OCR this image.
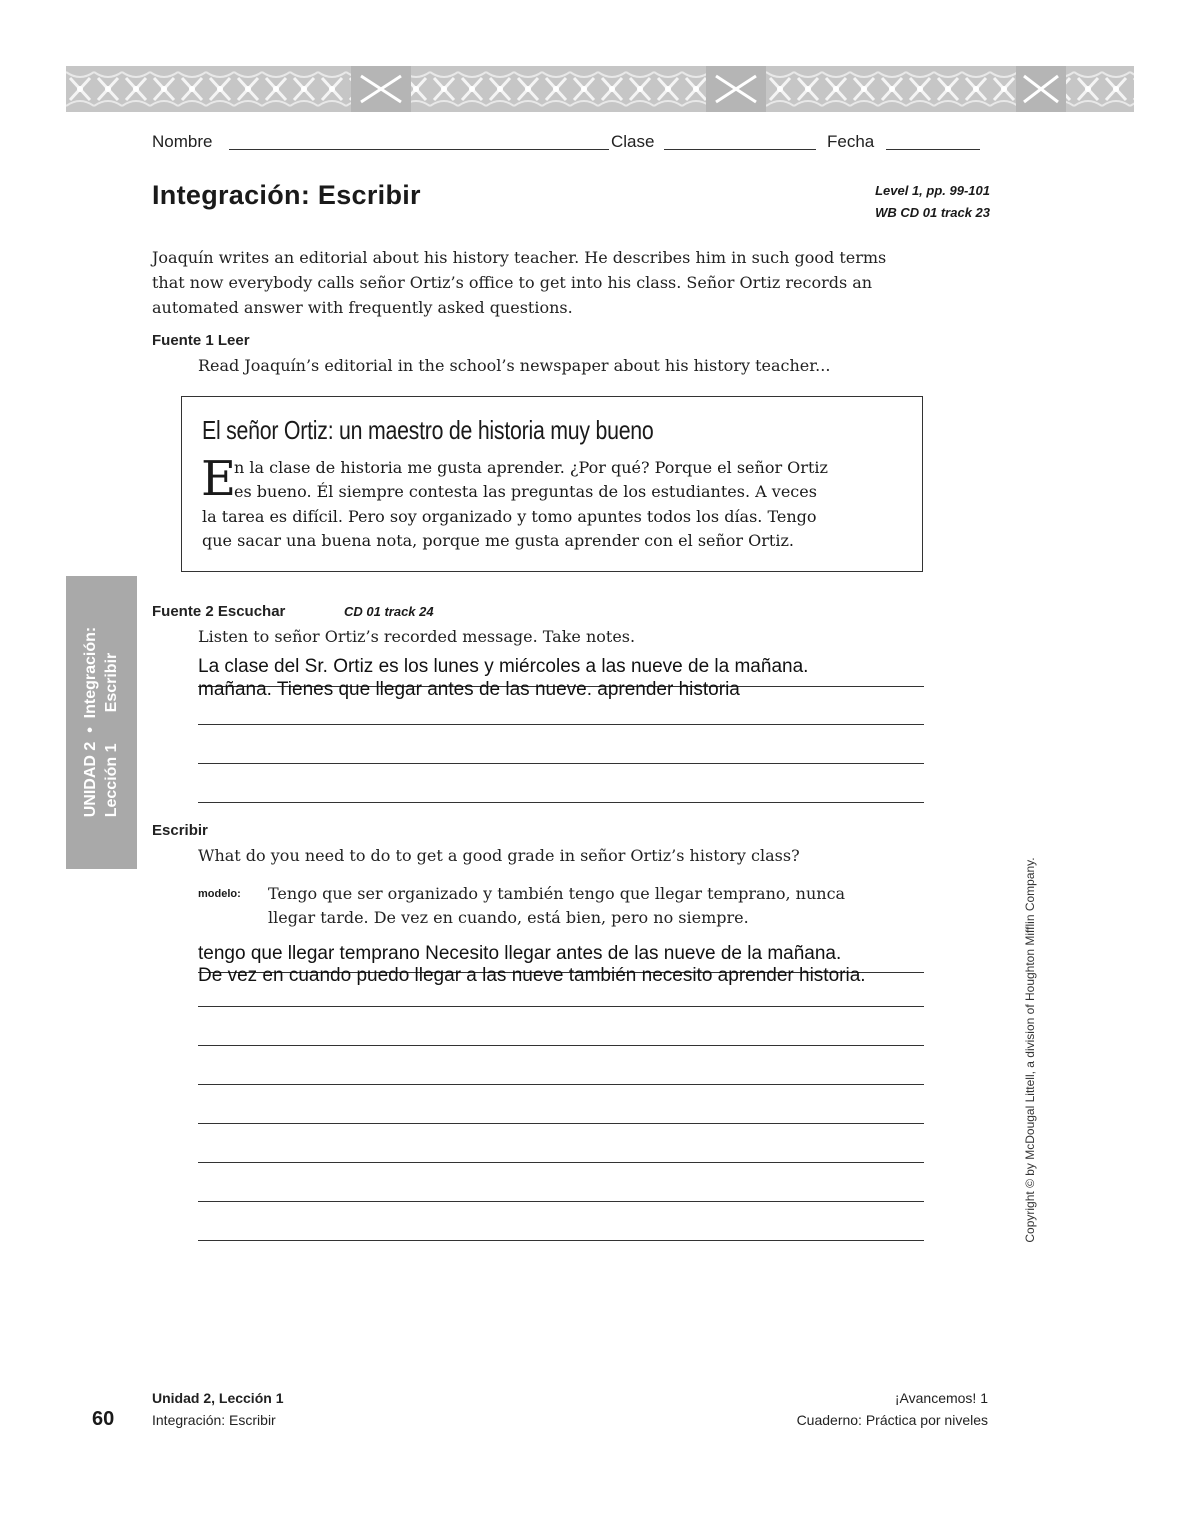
Nombre	Clase	Fecha
Integración: Escribir	Level 1, pp. 99-101
WB CD 01 track 23
Joaquín writes an editorial about his history teacher. He describes him in such good terms
that now everybody calls señor Ortiz’s office to get into his class. Señor Ortiz records an
automated answer with frequently asked questions.
Fuente 1 Leer
Read Joaquín’s editorial in the school’s newspaper about his history teacher...
El señor Ortiz: un maestro de historia muy bueno
E
n la clase de historia me gusta aprender. ¿Por qué? Porque el señor Ortiz
es bueno. Él siempre contesta las preguntas de los estudiantes. A veces
la tarea es difícil. Pero soy organizado y tomo apuntes todos los días. Tengo
que sacar una buena nota, porque me gusta aprender con el señor Ortiz.
UNIDAD 2  •  Integración: Lección 1       Escribir
Fuente 2 Escuchar	CD 01 track 24
Listen to señor Ortiz’s recorded message. Take notes.
La clase del Sr. Ortiz es los lunes y miércoles a las nueve de la mañana.
mañana. Tienes que llegar antes de las nueve. aprender historia
Escribir
What do you need to do to get a good grade in señor Ortiz’s history class?
modelo: Tengo que ser organizado y también tengo que llegar temprano, nunca
llegar tarde. De vez en cuando, está bien, pero no siempre.
tengo que llegar temprano Necesito llegar antes de las nueve de la mañana.
De vez en cuando puedo llegar a las nueve también necesito aprender historia.	Copyright © by McDougal Littell, a division of Houghton Mifflin Company.
60
Unidad 2, Lección 1
Integración: Escribir
¡Avancemos! 1
Cuaderno: Práctica por niveles
